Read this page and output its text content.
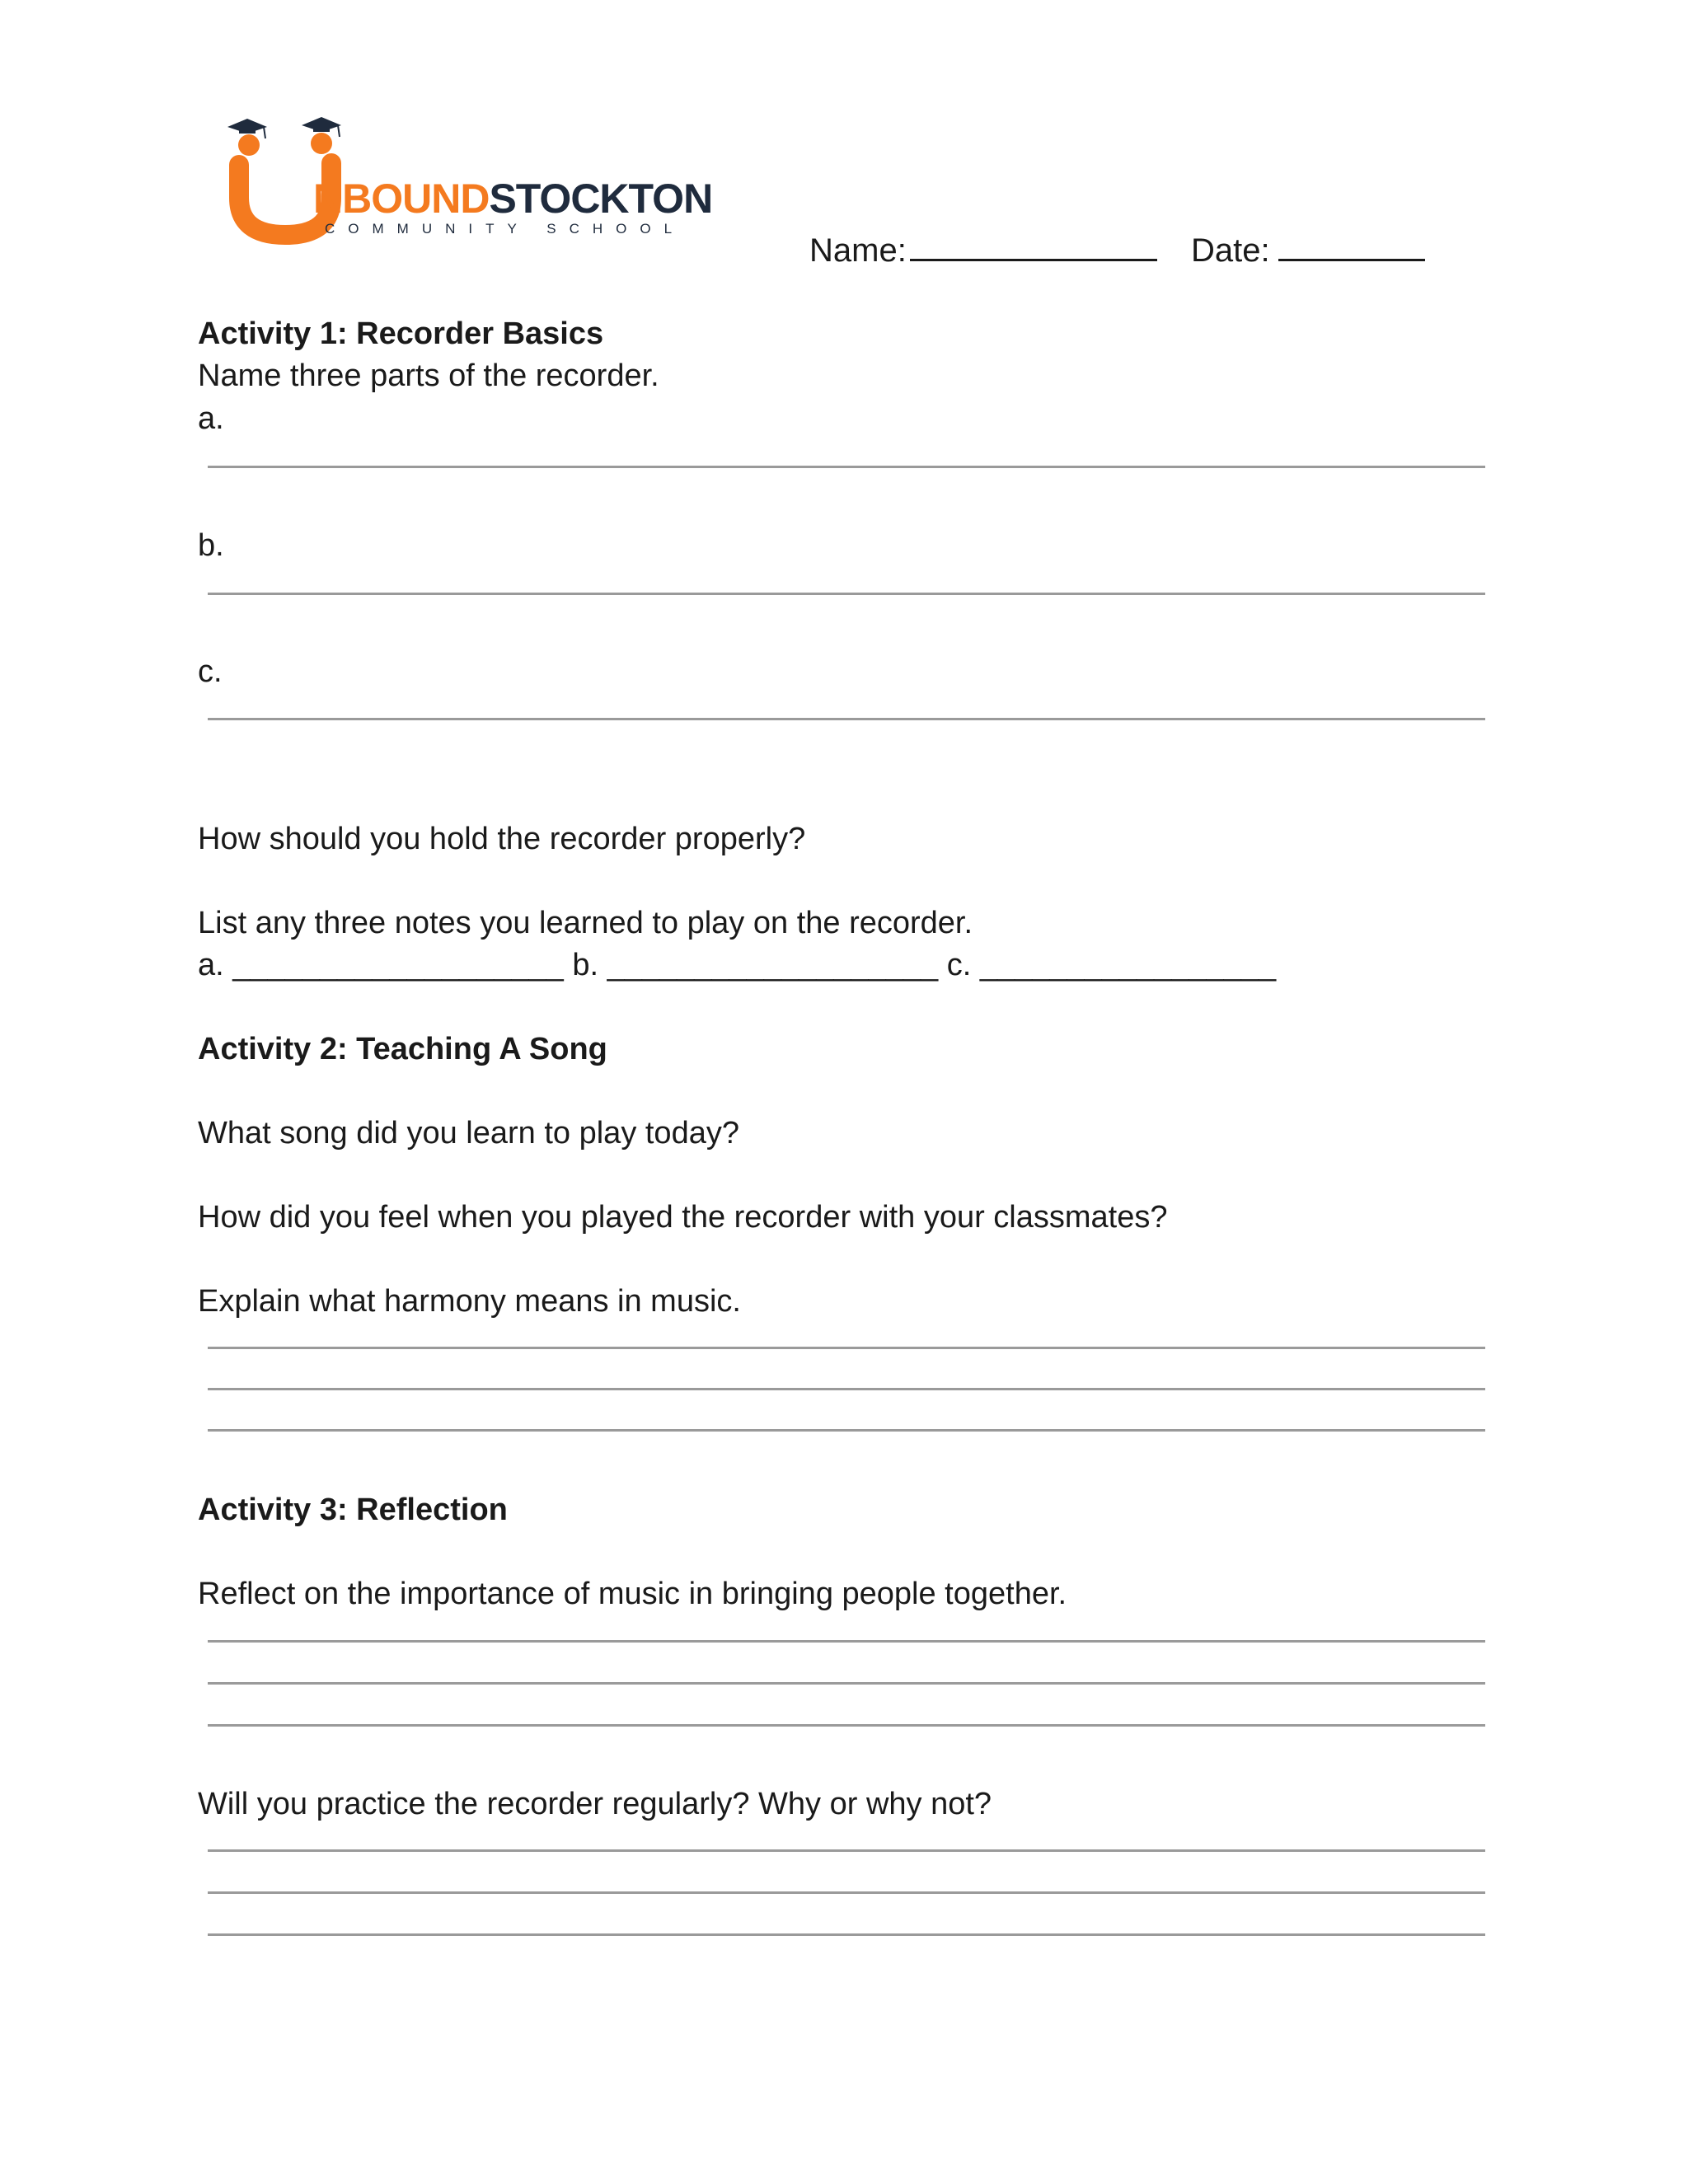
NBOUNDSTOCKTON
COMMUNITY SCHOOL
Name:	Date:
Activity 1: Recorder Basics
Name three parts of the recorder.
a.
b.
c.
How should you hold the recorder properly?
List any three notes you learned to play on the recorder.
a. ___________________ b. ___________________ c. _________________
Activity 2: Teaching A Song
What song did you learn to play today?
How did you feel when you played the recorder with your classmates?
Explain what harmony means in music.
Activity 3: Reflection
Reflect on the importance of music in bringing people together.
Will you practice the recorder regularly? Why or why not?
